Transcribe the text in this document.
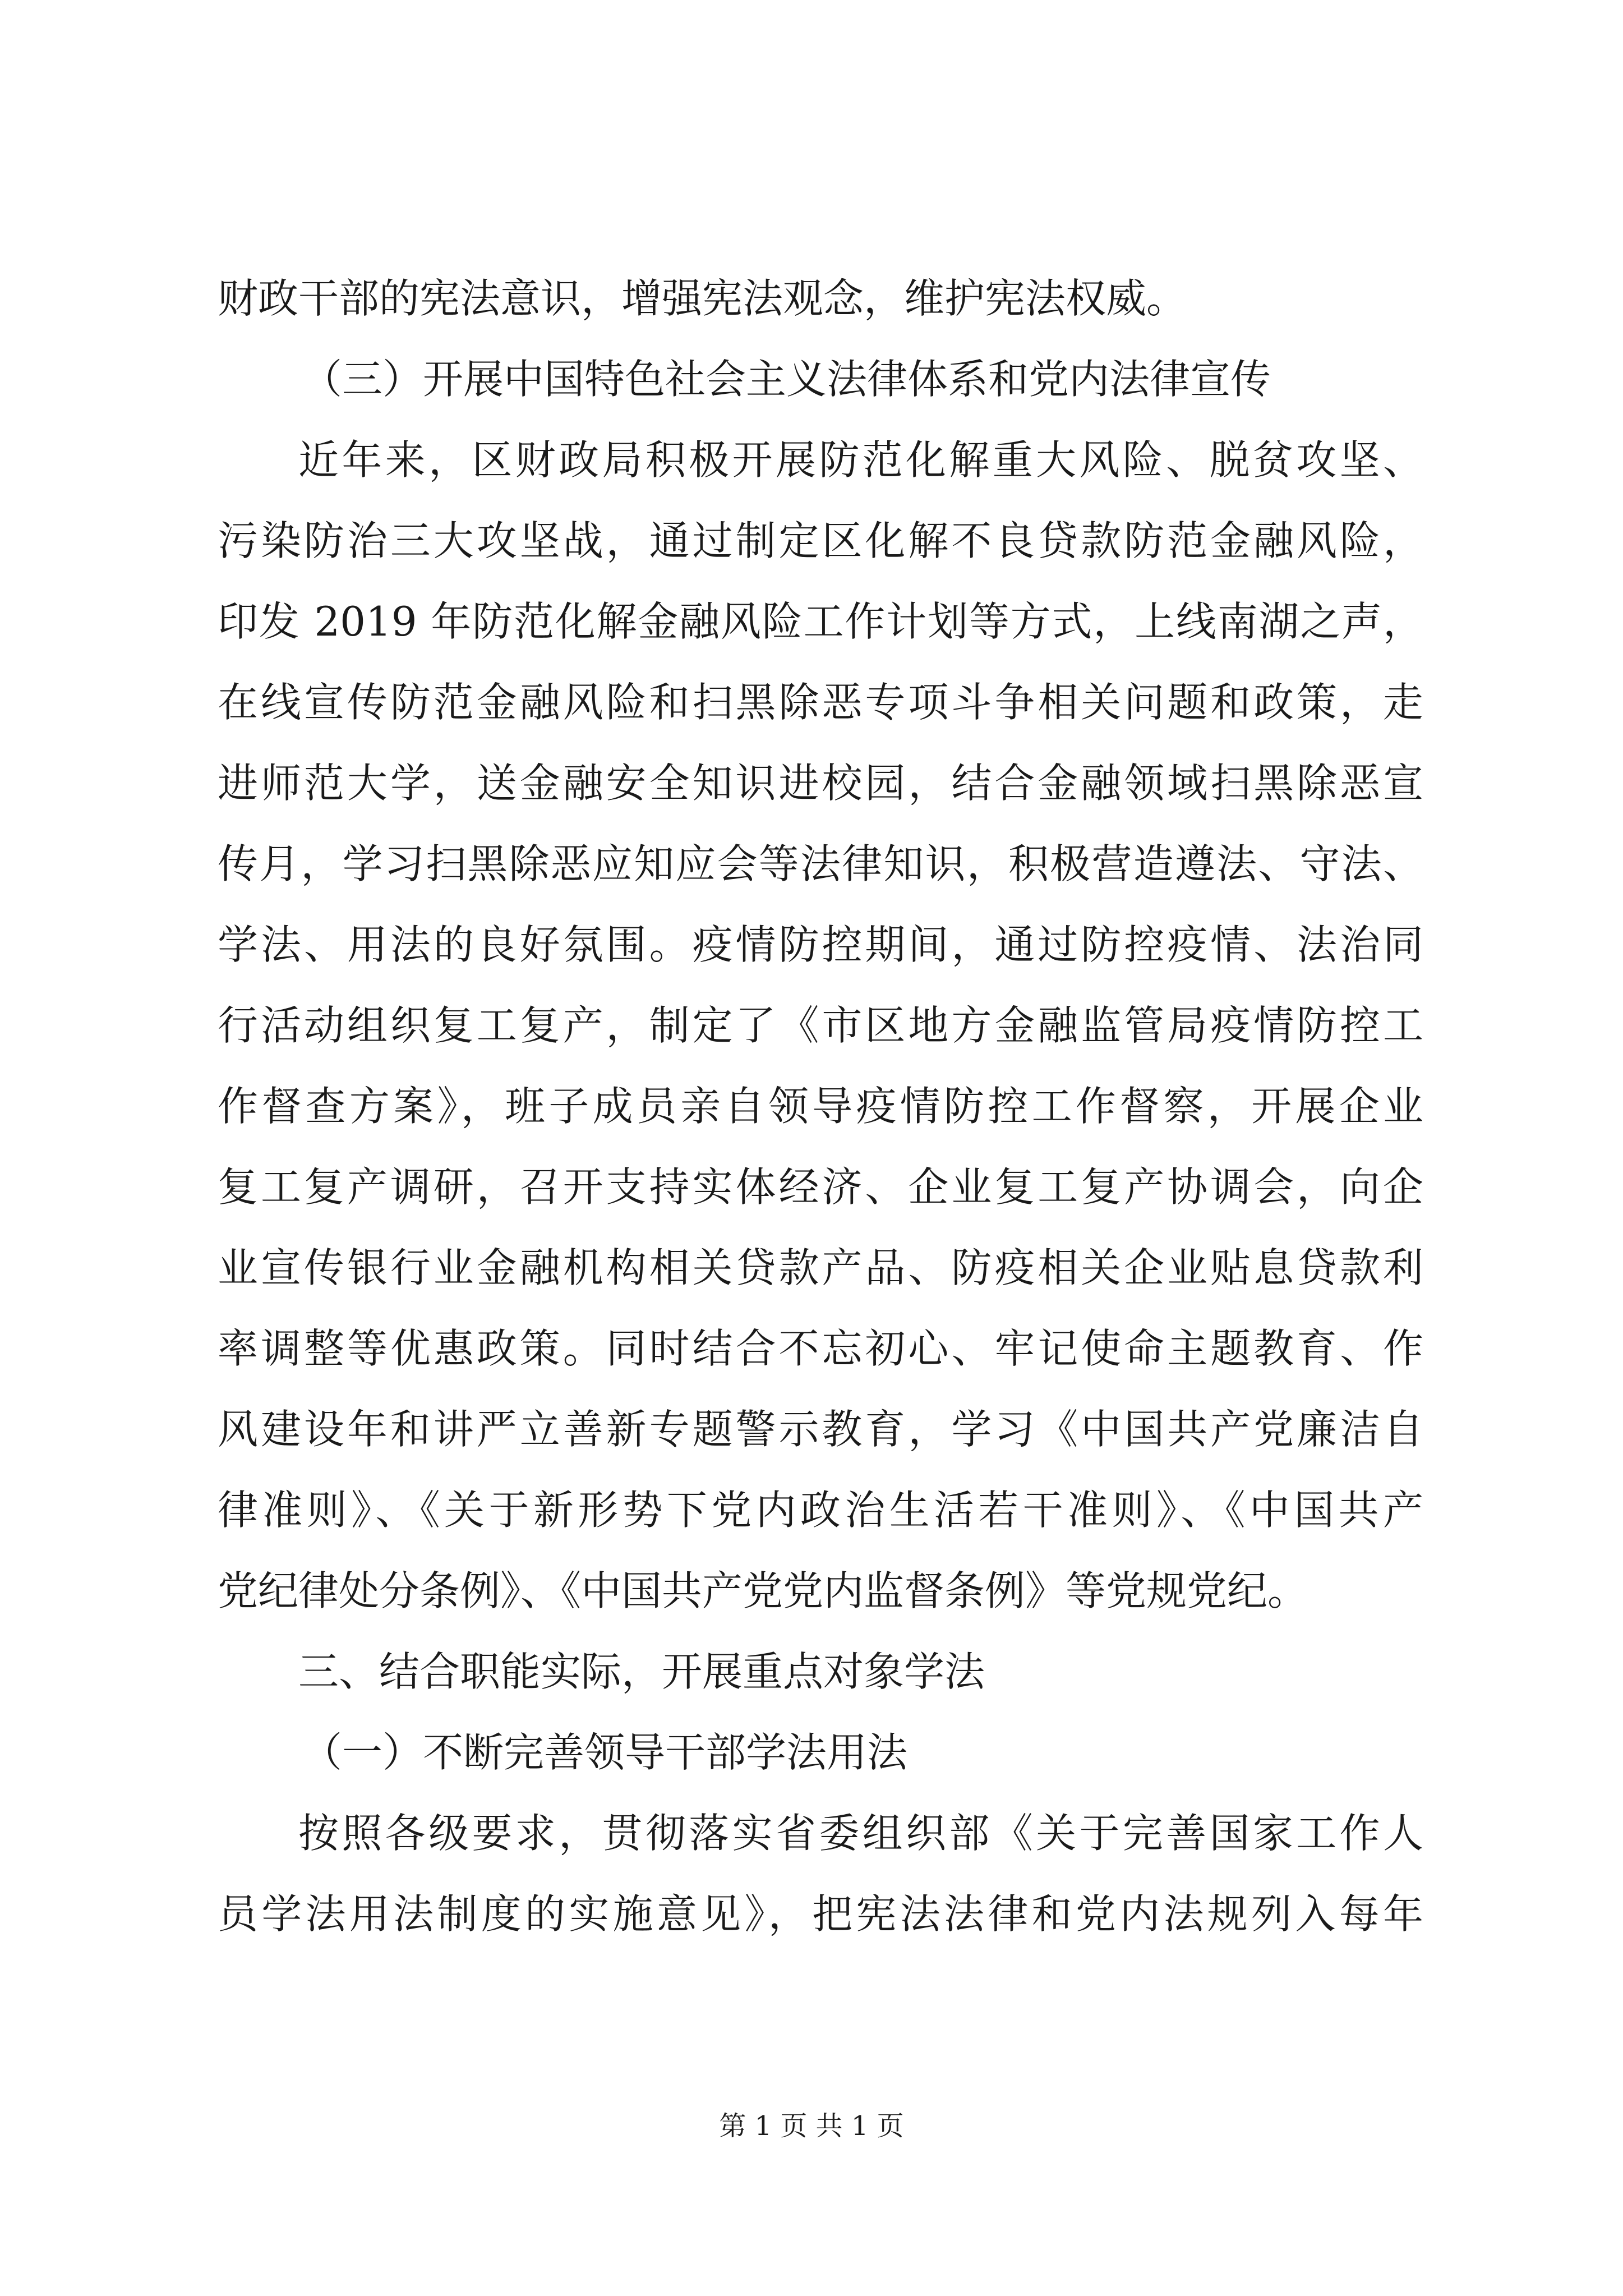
财政干部的宪法意识，增强宪法观念，维护宪法权威。
（三）开展中国特色社会主义法律体系和党内法律宣传
近年来，区财政局积极开展防范化解重大风险、脱贫攻坚、
污染防治三大攻坚战，通过制定区化解不良贷款防范金融风险，
印发 2019 年防范化解金融风险工作计划等方式，上线南湖之声，
在线宣传防范金融风险和扫黑除恶专项斗争相关问题和政策，走
进师范大学，送金融安全知识进校园，结合金融领域扫黑除恶宣
传月，学习扫黑除恶应知应会等法律知识，积极营造遵法、守法、
学法、用法的良好氛围。疫情防控期间，通过防控疫情、法治同
行活动组织复工复产，制定了《市区地方金融监管局疫情防控工
作督查方案》，班子成员亲自领导疫情防控工作督察，开展企业
复工复产调研，召开支持实体经济、企业复工复产协调会，向企
业宣传银行业金融机构相关贷款产品、防疫相关企业贴息贷款利
率调整等优惠政策。同时结合不忘初心、牢记使命主题教育、作
风建设年和讲严立善新专题警示教育，学习《中国共产党廉洁自
律准则》、《关于新形势下党内政治生活若干准则》、《中国共产
党纪律处分条例》、《中国共产党党内监督条例》等党规党纪。
三、结合职能实际，开展重点对象学法
（一）不断完善领导干部学法用法
按照各级要求，贯彻落实省委组织部《关于完善国家工作人
员学法用法制度的实施意见》，把宪法法律和党内法规列入每年
第 1 页 共 1 页
